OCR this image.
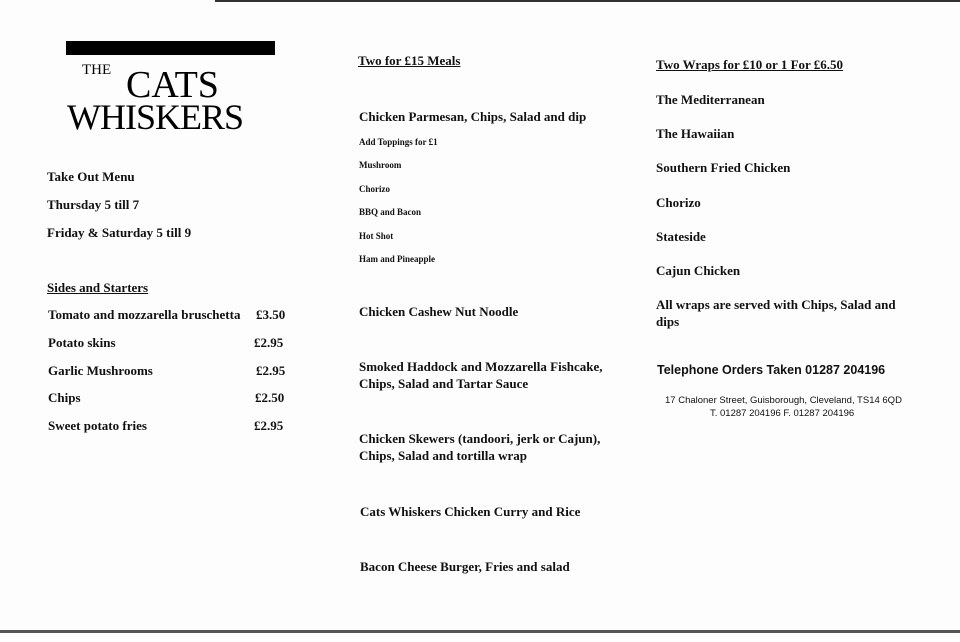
THE CATS
WHISKERS
Take Out Menu
Thursday 5 till 7
Friday & Saturday 5 till 9
Sides and Starters
Tomato and mozzarella bruschetta £3.50
Potato skins	£2.95
Garlic Mushrooms	£2.95
Chips	£2.50
Sweet potato fries	£2.95
Two for £15 Meals
Chicken Parmesan, Chips, Salad and dip
Add Toppings for £1
Mushroom
Chorizo
BBQ and Bacon
Hot Shot
Ham and Pineapple
Chicken Cashew Nut Noodle
Smoked Haddock and Mozzarella Fishcake,
Chips, Salad and Tartar Sauce
Chicken Skewers (tandoori, jerk or Cajun),
Chips, Salad and tortilla wrap
Cats Whiskers Chicken Curry and Rice
Bacon Cheese Burger, Fries and salad
Two Wraps for £10 or 1 For £6.50
The Mediterranean
The Hawaiian
Southern Fried Chicken
Chorizo
Stateside
Cajun Chicken
All wraps are served with Chips, Salad and
dips
Telephone Orders Taken 01287 204196
17 Chaloner Street, Guisborough, Cleveland, TS14 6QD
T. 01287 204196 F. 01287 204196
